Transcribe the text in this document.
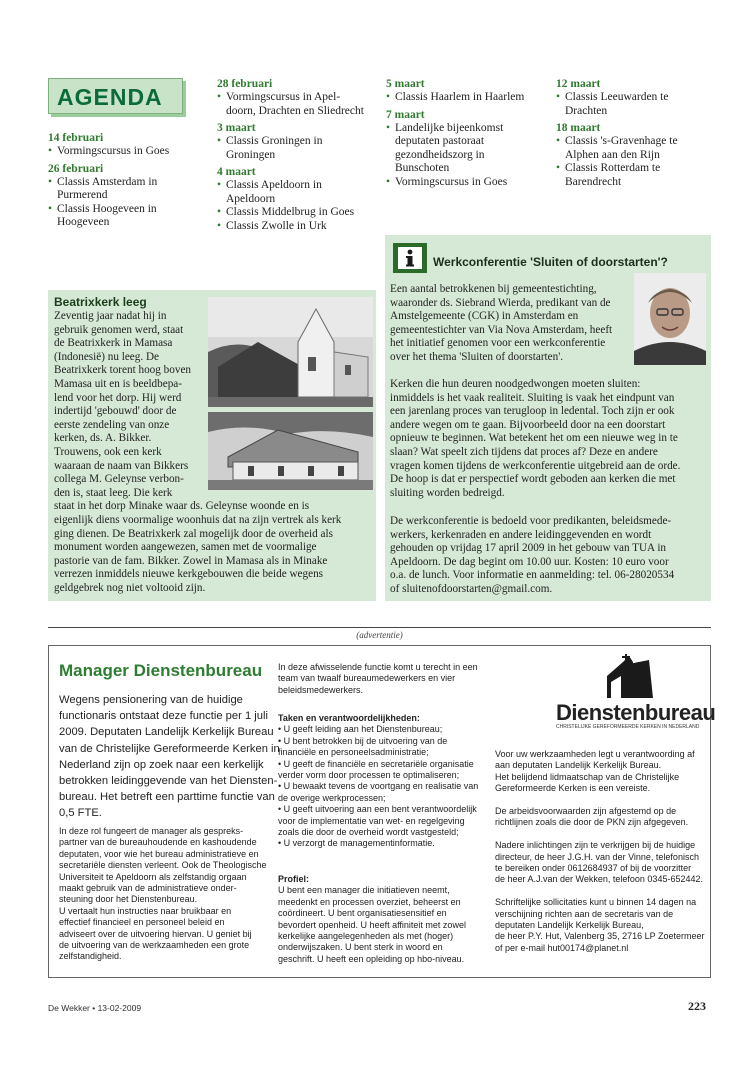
AGENDA
14 februari
• Vormingscursus in Goes
26 februari
• Classis Amsterdam in
Purmerend
• Classis Hoogeveen in
Hoogeveen
28 februari
• Vormingscursus in Apel-
doorn, Drachten en Sliedrecht
3 maart
• Classis Groningen in
Groningen
4 maart
• Classis Apeldoorn in
Apeldoorn
• Classis Middelbrug in Goes
• Classis Zwolle in Urk
5 maart
• Classis Haarlem in Haarlem
7 maart
• Landelijke bijeenkomst
deputaten pastoraat
gezondheidszorg in
Bunschoten
• Vormingscursus in Goes
12 maart
• Classis Leeuwarden te
Drachten
18 maart
• Classis 's-Gravenhage te
Alphen aan den Rijn
• Classis Rotterdam te
Barendrecht
Beatrixkerk leeg
Zeventig jaar nadat hij in
gebruik genomen werd, staat
de Beatrixkerk in Mamasa
(Indonesië) nu leeg. De
Beatrixkerk torent hoog boven
Mamasa uit en is beeldbepa-
lend voor het dorp. Hij werd
indertijd 'gebouwd' door de
eerste zendeling van onze
kerken, ds. A. Bikker.
Trouwens, ook een kerk
waaraan de naam van Bikkers
collega M. Geleynse verbon-
den is, staat leeg. Die kerk
staat in het dorp Minake waar ds. Geleynse woonde en is
eigenlijk diens voormalige woonhuis dat na zijn vertrek als kerk
ging dienen. De Beatrixkerk zal mogelijk door de overheid als
monument worden aangewezen, samen met de voormalige
pastorie van de fam. Bikker. Zowel in Mamasa als in Minake
verrezen inmiddels nieuwe kerkgebouwen die beide wegens
geldgebrek nog niet voltooid zijn.
Werkconferentie 'Sluiten of doorstarten'?
Een aantal betrokkenen bij gemeentestichting,
waaronder ds. Siebrand Wierda, predikant van de
Amstelgemeente (CGK) in Amsterdam en
gemeentestichter van Via Nova Amsterdam, heeft
het initiatief genomen voor een werkconferentie
over het thema 'Sluiten of doorstarten'.
Kerken die hun deuren noodgedwongen moeten sluiten:
inmiddels is het vaak realiteit. Sluiting is vaak het eindpunt van
een jarenlang proces van terugloop in ledental. Toch zijn er ook
andere wegen om te gaan. Bijvoorbeeld door na een doorstart
opnieuw te beginnen. Wat betekent het om een nieuwe weg in te
slaan? Wat speelt zich tijdens dat proces af? Deze en andere
vragen komen tijdens de werkconferentie uitgebreid aan de orde.
De hoop is dat er perspectief wordt geboden aan kerken die met
sluiting worden bedreigd.
De werkconferentie is bedoeld voor predikanten, beleidsmede-
werkers, kerkenraden en andere leidinggevenden en wordt
gehouden op vrijdag 17 april 2009 in het gebouw van TUA in
Apeldoorn. De dag begint om 10.00 uur. Kosten: 10 euro voor
o.a. de lunch. Voor informatie en aanmelding: tel. 06-28020534
of sluitenofdoorstarten@gmail.com.
(advertentie)
Manager Dienstenbureau
Wegens pensionering van de huidige
functionaris ontstaat deze functie per 1 juli
2009. Deputaten Landelijk Kerkelijk Bureau
van de Christelijke Gereformeerde Kerken in
Nederland zijn op zoek naar een kerkelijk
betrokken leidinggevende van het Diensten-
bureau. Het betreft een parttime functie van
0,5 FTE.
In deze rol fungeert de manager als gespreks-
partner van de bureauhoudende en kashoudende
deputaten, voor wie het bureau administratieve en
secretariële diensten verleent. Ook de Theologische
Universiteit te Apeldoorn als zelfstandig orgaan
maakt gebruik van de administratieve onder-
steuning door het Dienstenbureau.
U vertaalt hun instructies naar bruikbaar en
effectief financieel en personeel beleid en
adviseert over de uitvoering hiervan. U geniet bij
de uitvoering van de werkzaamheden een grote
zelfstandigheid.
In deze afwisselende functie komt u terecht in een
team van twaalf bureaumedewerkers en vier
beleidsmedewerkers.
Taken en verantwoordelijkheden:
• U geeft leiding aan het Dienstenbureau;
• U bent betrokken bij de uitvoering van de
financiële en personeelsadministratie;
• U geeft de financiële en secretariële organisatie
verder vorm door processen te optimaliseren;
• U bewaakt tevens de voortgang en realisatie van
de overige werkprocessen;
• U geeft uitvoering aan een bent verantwoordelijk
voor de implementatie van wet- en regelgeving
zoals die door de overheid wordt vastgesteld;
• U verzorgt de managementinformatie.
Profiel:
U bent een manager die initiatieven neemt,
meedenkt en processen overziet, beheerst en
coördineert. U bent organisatiesensitief en
bevordert openheid. U heeft affiniteit met zowel
kerkelijke aangelegenheden als met (hoger)
onderwijszaken. U bent sterk in woord en
geschrift. U heeft een opleiding op hbo-niveau.
Voor uw werkzaamheden legt u verantwoording af
aan deputaten Landelijk Kerkelijk Bureau.
Het belijdend lidmaatschap van de Christelijke
Gereformeerde Kerken is een vereiste.
De arbeidsvoorwaarden zijn afgestemd op de
richtlijnen zoals die door de PKN zijn afgegeven.
Nadere inlichtingen zijn te verkrijgen bij de huidige
directeur, de heer J.G.H. van der Vinne, telefonisch
te bereiken onder 0612684937 of bij de voorzitter
de heer A.J.van der Wekken, telefoon 0345-652442.
Schriftelijke sollicitaties kunt u binnen 14 dagen na
verschijning richten aan de secretaris van de
deputaten Landelijk Kerkelijk Bureau,
de heer P.Y. Hut, Valenberg 35, 2716 LP Zoetermeer
of per e-mail hut00174@planet.nl
Dienstenbureau
CHRISTELIJKE GEREFORMEERDE KERKEN IN NEDERLAND
De Wekker • 13-02-2009	223
